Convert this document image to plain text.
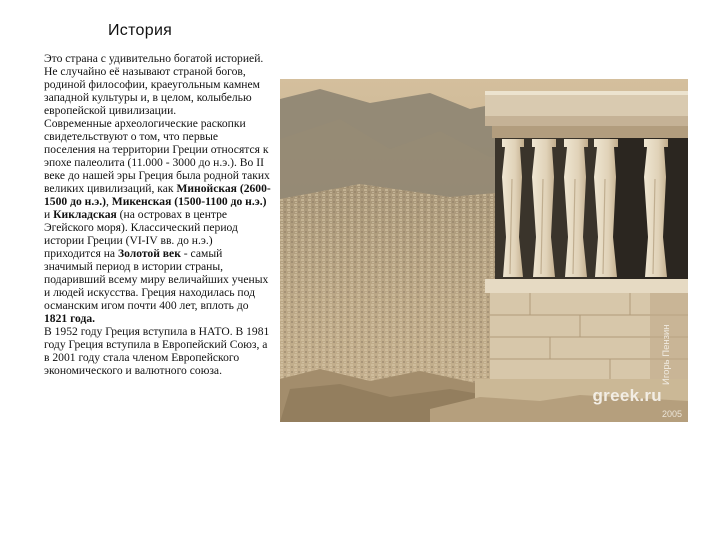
История

Это страна с удивительно богатой историей. Не случайно её называют страной богов, родиной философии, краеугольным камнем западной культуры и, в целом, колыбелью европейской цивилизации.

Современные археологические раскопки свидетельствуют о том, что первые поселения на территории Греции относятся к эпохе палеолита (11.000 - 3000 до н.э.). Во II веке до нашей эры Греция была родной таких великих цивилизаций, как Минойская (2600-1500 до н.э.), Микенская (1500-1100 до н.э.) и Кикладская (на островах в центре Эгейского моря). Классический период истории Греции (VI-IV вв. до н.э.) приходится на Золотой век - самый значимый период в истории страны, подаривший всему миру величайших ученых и людей искусства. Греция находилась под османским игом почти 400 лет, вплоть до 1821 года.

В 1952 году Греция вступила в НАТО. В 1981 году Греция вступила в Европейский Союз, а в 2001 году стала членом Европейского экономического и валютного союза.

greek.ru
2005
Игорь Пензин
